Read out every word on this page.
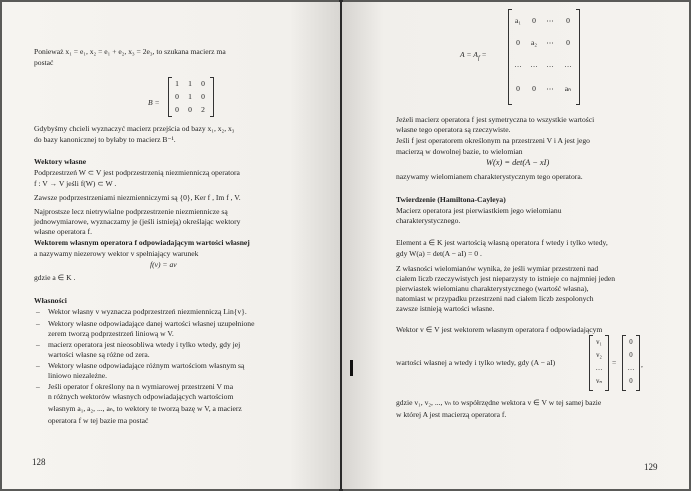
Ponieważ x₁ = e₁, x₂ = e₁ + e₂, x₃ = 2e₃, to szukana macierz ma
postać
B =
1	1	0
0	1	0
0	0	2
Gdybyśmy chcieli wyznaczyć macierz przejścia od bazy x₁, x₂, x₃
do bazy kanonicznej to byłaby to macierz B⁻¹.
Wektory własne
Podprzestrzeń W ⊂ V jest podprzestrzenią niezmienniczą operatora
f : V → V jeśli f(W) ⊂ W .
Zawsze podprzestrzeniami niezmienniczymi są {0}, Ker f , Im f , V.
Najprostsze lecz nietrywialne podprzestrzenie niezmiennicze są
jednowymiarowe, wyznaczamy je (jeśli istnieją) określając wektory
własne operatora f.
Wektorem własnym operatora f odpowiadającym wartości własnej
a nazywamy niezerowy wektor v spełniający warunek
f(v) = av
gdzie a ∈ K .
Własności
– Wektor własny v wyznacza podprzestrzeń niezmienniczą Lin{v}.
– Wektory własne odpowiadające danej wartości własnej uzupełnione
zerem tworzą podprzestrzeń liniową w V.
– macierz operatora jest nieosobliwa wtedy i tylko wtedy, gdy jej
wartości własne są różne od zera.
– Wektory własne odpowiadające różnym wartościom własnym są
liniowo niezależne.
– Jeśli operator f określony na n wymiarowej przestrzeni V ma
n różnych wektorów własnych odpowiadających wartościom
własnym a₁, a₂, ..., aₙ, to wektory te tworzą bazę w V, a macierz
operatora f w tej bazie ma postać
128
$A = A_f$ =
a₁	0	⋯	0
0	a₂	⋯	0
…	…	…	…
0	0	⋯	aₙ
Jeżeli macierz operatora f jest symetryczna to wszystkie wartości
własne tego operatora są rzeczywiste.
Jeśli f jest operatorem określonym na przestrzeni V i A jest jego
macierzą w dowolnej bazie, to wielomian
W(x) = det(A − xI)
nazywamy wielomianem charakterystycznym tego operatora.
Twierdzenie (Hamiltona-Cayleya)
Macierz operatora jest pierwiastkiem jego wielomianu
charakterystycznego.
Element a ∈ K jest wartością własną operatora f wtedy i tylko wtedy,
gdy W(a) = det(A − aI) = 0 .
Z własności wielomianów wynika, że jeśli wymiar przestrzeni nad
ciałem liczb rzeczywistych jest nieparzysty to istnieje co najmniej jeden
pierwiastek wielomianu charakterystycznego (wartość własna),
natomiast w przypadku przestrzeni nad ciałem liczb zespolonych
zawsze istnieją wartości własne.
Wektor v ∈ V jest wektorem własnym operatora f odpowiadającym
wartości własnej a wtedy i tylko wtedy, gdy (A − aI)
v₁
v₂
…
vₙ
=
0
0
…
0
,
gdzie v₁, v₂, ..., vₙ to współrzędne wektora v ∈ V w tej samej bazie
w której A jest macierzą operatora f.
129
